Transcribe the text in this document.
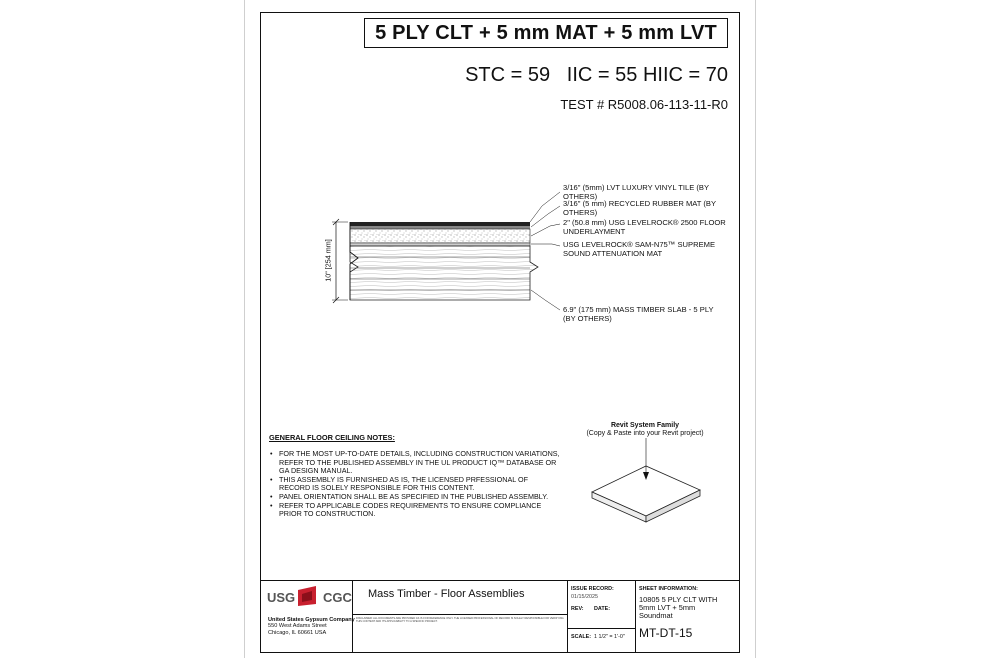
5 PLY CLT + 5 mm MAT + 5 mm LVT
STC = 59   IIC = 55 HIIC = 70
TEST # R5008.06-113-11-R0
3/16" (5mm) LVT LUXURY VINYL TILE (BY
OTHERS)
3/16" (5 mm) RECYCLED RUBBER MAT (BY
OTHERS)
2" (50.8 mm) USG LEVELROCK® 2500 FLOOR
UNDERLAYMENT
USG LEVELROCK® SAM-N75™ SUPREME
SOUND ATTENUATION MAT
6.9" (175 mm) MASS TIMBER SLAB - 5 PLY
(BY OTHERS)
10" [254 mm]
GENERAL FLOOR CEILING NOTES:
• FOR THE MOST UP-TO-DATE DETAILS, INCLUDING CONSTRUCTION VARIATIONS, REFER TO THE PUBLISHED ASSEMBLY IN THE UL PRODUCT IQ™ DATABASE OR GA DESIGN MANUAL.
• THIS ASSEMBLY IS FURNISHED AS IS, THE LICENSED PRFESSIONAL OF RECORD IS SOLELY RESPONSIBLE FOR THIS CONTENT.
• PANEL ORIENTATION SHALL BE AS SPECIFIED IN THE PUBLISHED ASSEMBLY.
• REFER TO APPLICABLE CODES REQUIREMENTS TO ENSURE COMPLIANCE PRIOR TO CONSTRUCTION.
Revit System Family
(Copy & Paste into your Revit project)
USG CGC
United States Gypsum Company
550 West Adams Street
Chicago, IL 60661 USA
Mass Timber - Floor Assemblies
DISCLAIMER: ALL DOCUMENTS ARE PROVIDED AS IS FOR REFERENCE ONLY. THE LICENSED PROFESSIONAL OF RECORD IS SOLELY RESPONSIBLE FOR VERIFYING THIS CONTENT AND ITS APPLICABILITY TO A SPECIFIC PROJECT.
ISSUE RECORD:
01/15/2025
REV: DATE:
SCALE: 1 1/2" = 1'-0"
SHEET INFORMATION:
10805 5 PLY CLT WITH
5mm LVT + 5mm
Soundmat
MT-DT-15
